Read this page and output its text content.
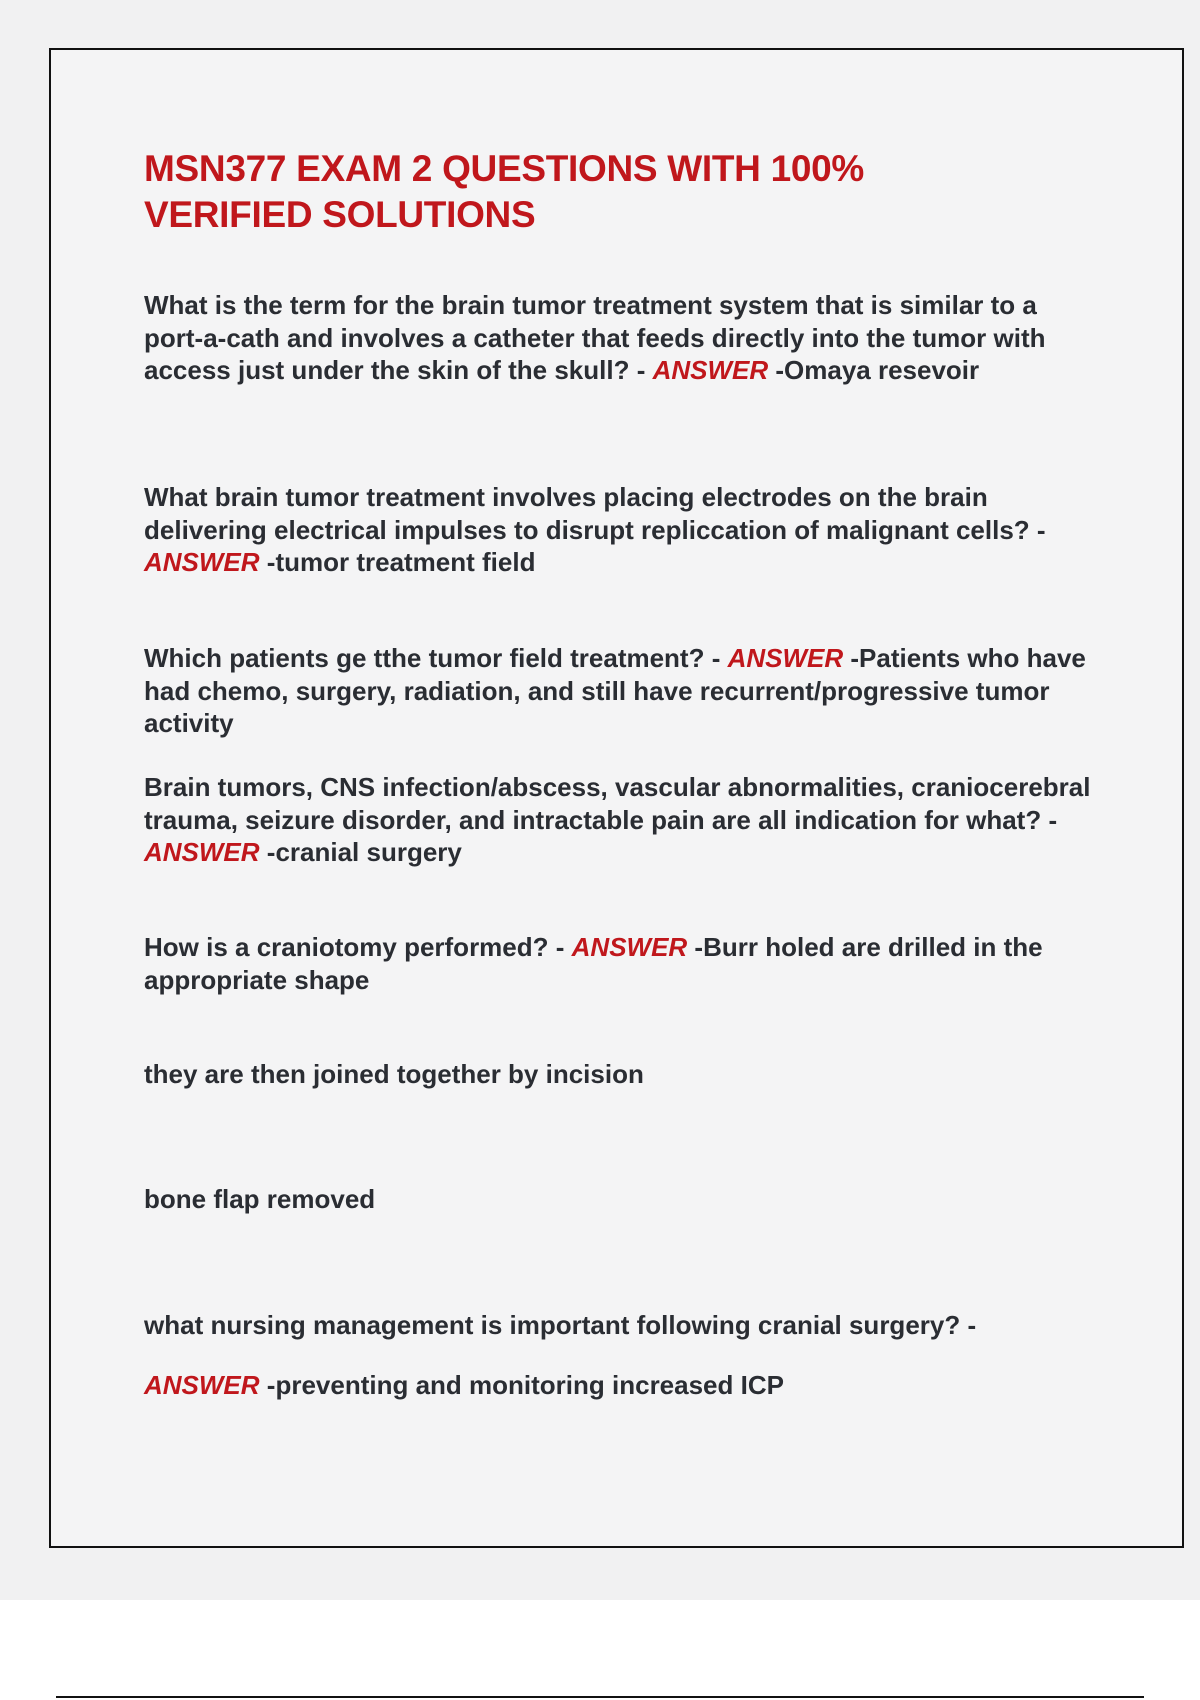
MSN377 EXAM 2 QUESTIONS WITH 100%
VERIFIED SOLUTIONS

What is the term for the brain tumor treatment system that is similar to a port-a-cath and involves a catheter that feeds directly into the tumor with access just under the skin of the skull? - ANSWER -Omaya resevoir

What brain tumor treatment involves placing electrodes on the brain delivering electrical impulses to disrupt repliccation of malignant cells? - ANSWER -tumor treatment field

Which patients ge tthe tumor field treatment? - ANSWER -Patients who have had chemo, surgery, radiation, and still have recurrent/progressive tumor activity

Brain tumors, CNS infection/abscess, vascular abnormalities, craniocerebral trauma, seizure disorder, and intractable pain are all indication for what? - ANSWER -cranial surgery

How is a craniotomy performed? - ANSWER -Burr holed are drilled in the appropriate shape

they are then joined together by incision

bone flap removed

what nursing management is important following cranial surgery? -

ANSWER -preventing and monitoring increased ICP
